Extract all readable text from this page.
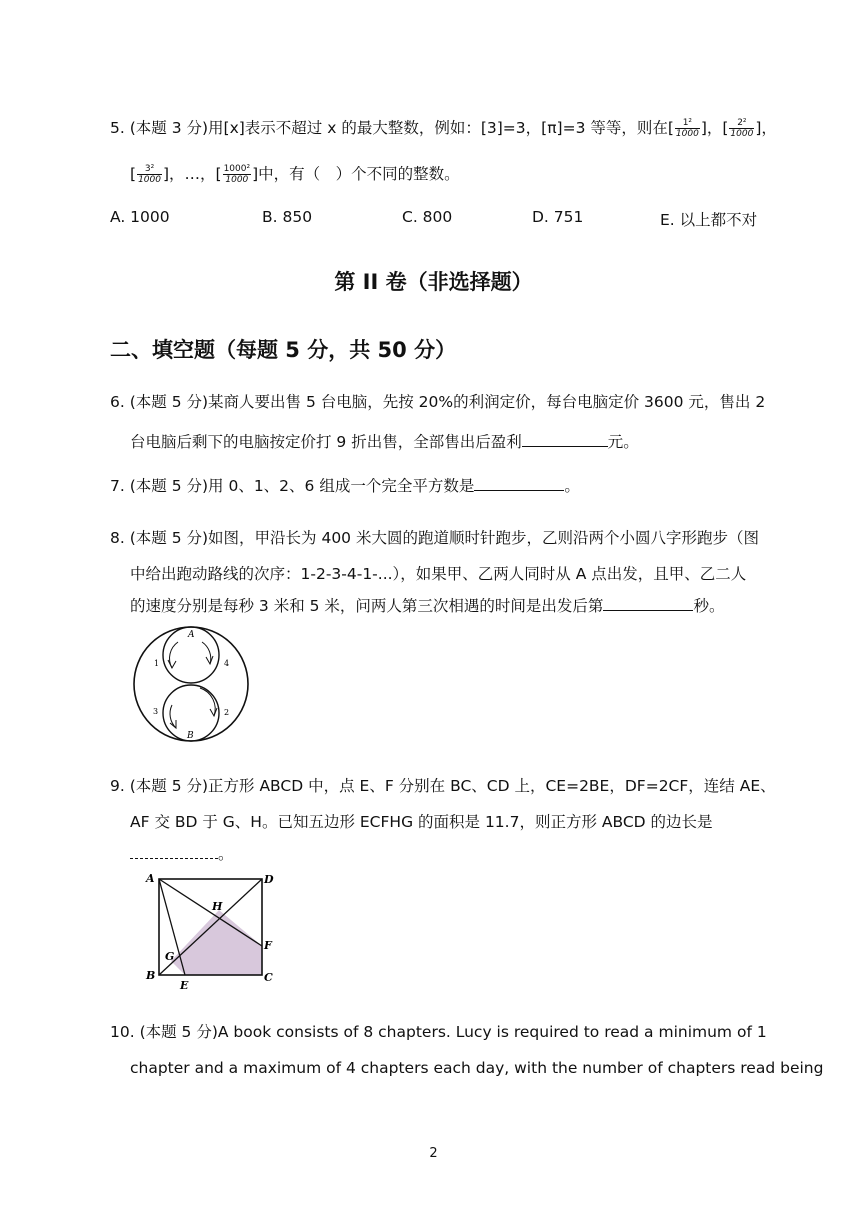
5. (本题 3 分)用[x]表示不超过 x 的最大整数，例如：[3]=3，[π]=3 等等，则在[ $\frac{\text{1²}}{1000}$ ]，[ $\frac{\text{2²}}{1000}$ ]，
[ $\frac{\text{3²}}{1000}$ ]，…，[ $\frac{\text{1000²}}{1000}$ ]中，有（　）个不同的整数。
A. 1000	B. 850	C. 800	D. 751	E. 以上都不对
第 II 卷（非选择题）
二、填空题（每题 5 分，共 50 分）
6. (本题 5 分)某商人要出售 5 台电脑，先按 20%的利润定价，每台电脑定价 3600 元，售出 2
台电脑后剩下的电脑按定价打 9 折出售，全部售出后盈利	元。
7. (本题 5 分)用 0、1、2、6 组成一个完全平方数是	。
8. (本题 5 分)如图，甲沿长为 400 米大圆的跑道顺时针跑步，乙则沿两个小圆八字形跑步（图
中给出跑动路线的次序：1-2-3-4-1-...），如果甲、乙两人同时从 A 点出发，且甲、乙二人
的速度分别是每秒 3 米和 5 米，问两人第三次相遇的时间是出发后第	秒。
A
B
1
2
3
4
9. (本题 5 分)正方形 ABCD 中，点 E、F 分别在 BC、CD 上，CE=2BE，DF=2CF，连结 AE、
AF 交 BD 于 G、H。已知五边形 ECFHG 的面积是 11.7，则正方形 ABCD 的边长是
。
A
B	C
D
E
F
G
H
10. (本题 5 分)A book consists of 8 chapters. Lucy is required to read a minimum of 1
chapter and a maximum of 4 chapters each day, with the number of chapters read being
2
